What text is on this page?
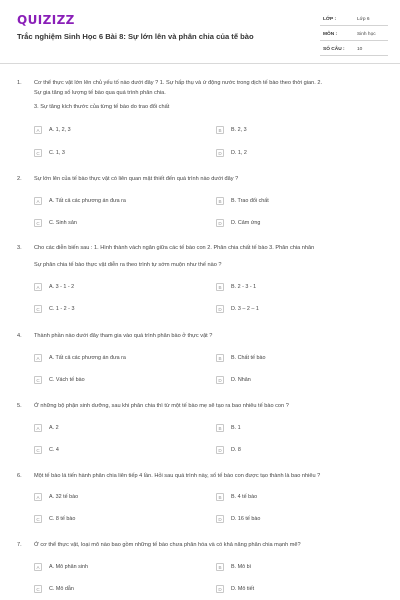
QUIZIZZ
Trắc nghiệm Sinh Học 6 Bài 8: Sự lớn lên và phân chia của tế bào
LỚP :	Lớp 6
MÔN :	Sinh học
SỐ CÂU :	10
1. Cơ thể thực vật lớn lên chủ yếu tố nào dưới đây ? 1. Sự hấp thụ và ứ động nước trong dịch tế bào theo thời gian. 2.
Sự gia tăng số lượng tế bào qua quá trình phân chia.
3. Sự tăng kích thước của từng tế bào do trao đổi chất
A	A. 1, 2, 3	B	B. 2, 3
C	C. 1, 3	D	D. 1, 2
2. Sự lớn lên của tế bào thực vật có liên quan mật thiết đến quá trình nào dưới đây ?
A	A. Tất cả các phương án đưa ra	B	B. Trao đổi chất
C	C. Sinh sản	D	D. Cảm ứng
3. Cho các diễn biến sau : 1. Hình thành vách ngăn giữa các tế bào con 2. Phân chia chất tế bào 3. Phân chia nhân
Sự phân chia tế bào thực vật diễn ra theo trình tự sớm muộn như thế nào ?
A	A. 3 - 1 - 2	B	B. 2 - 3 - 1
C	C. 1 - 2 - 3	D	D. 3 – 2 – 1
4. Thành phần nào dưới đây tham gia vào quá trình phân bào ở thực vật ?
A	A. Tất cả các phương án đưa ra	B	B. Chất tế bào
C	C. Vách tế bào	D	D. Nhân
5. Ở những bộ phận sinh dưỡng, sau khi phân chia thì từ một tế bào mẹ sẽ tạo ra bao nhiêu tế bào con ?
A	A. 2	B	B. 1
C	C. 4	D	D. 8
6. Một tế bào lá tiến hành phân chia liên tiếp 4 lần. Hỏi sau quá trình này, số tế bào con được tạo thành là bao nhiêu ?
A	A. 32 tế bào	B	B. 4 tế bào
C	C. 8 tế bào	D	D. 16 tế bào
7. Ở cơ thể thực vật, loại mô nào bao gồm những tế bào chưa phân hóa và có khả năng phân chia mạnh mẽ?
A	A. Mô phân sinh	B	B. Mô bì
C	C. Mô dẫn	D	D. Mô tiết
